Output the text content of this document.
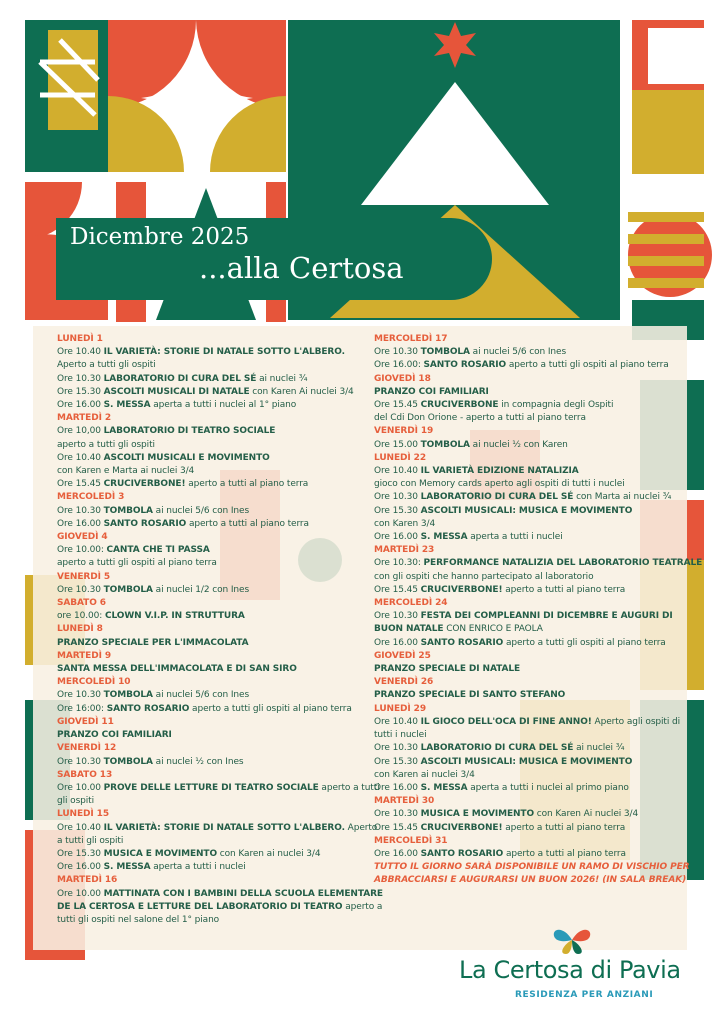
Dicembre 2025
...alla Certosa
LUNEDÌ 1
Ore 10.40 IL VARIETÀ: STORIE DI NATALE SOTTO L'ALBERO.
Aperto a tutti gli ospiti
Ore 10.30 LABORATORIO DI CURA DEL SÉ ai nuclei ¾
Ore 15.30 ASCOLTI MUSICALI DI NATALE con Karen Ai nuclei 3/4
Ore 16.00 S. MESSA aperta a tutti i nuclei al 1° piano
MARTEDÌ 2
Ore 10,00 LABORATORIO DI TEATRO SOCIALE
aperto a tutti gli ospiti
Ore 10.40 ASCOLTI MUSICALI E MOVIMENTO
con Karen e Marta ai nuclei 3/4
Ore 15.45 CRUCIVERBONE! aperto a tutti al piano terra
MERCOLEDÌ 3
Ore 10.30 TOMBOLA ai nuclei 5/6 con Ines
Ore 16.00 SANTO ROSARIO aperto a tutti al piano terra
GIOVEDÌ 4
Ore 10.00: CANTA CHE TI PASSA
aperto a tutti gli ospiti al piano terra
VENERDÌ 5
Ore 10.30 TOMBOLA ai nuclei 1/2 con Ines
SABATO 6
ore 10.00: CLOWN V.I.P. IN STRUTTURA
LUNEDÌ 8
PRANZO SPECIALE PER L'IMMACOLATA
MARTEDÌ 9
SANTA MESSA DELL'IMMACOLATA E DI SAN SIRO
MERCOLEDÌ 10
Ore 10.30 TOMBOLA ai nuclei 5/6 con Ines
Ore 16:00: SANTO ROSARIO aperto a tutti gli ospiti al piano terra
GIOVEDÌ 11
PRANZO COI FAMILIARI
VENERDÌ 12
Ore 10.30 TOMBOLA ai nuclei ½ con Ines
SABATO 13
Ore 10.00 PROVE DELLE LETTURE DI TEATRO SOCIALE aperto a tutti
gli ospiti
LUNEDÌ 15
Ore 10.40 IL VARIETÀ: STORIE DI NATALE SOTTO L'ALBERO. Aperto
a tutti gli ospiti
Ore 15.30 MUSICA E MOVIMENTO con Karen ai nuclei 3/4
Ore 16.00 S. MESSA aperta a tutti i nuclei
MARTEDÌ 16
Ore 10.00 MATTINATA CON I BAMBINI DELLA SCUOLA ELEMENTARE
DE LA CERTOSA E LETTURE DEL LABORATORIO DI TEATRO aperto a
tutti gli ospiti nel salone del 1° piano
MERCOLEDÌ 17
Ore 10.30 TOMBOLA ai nuclei 5/6 con Ines
Ore 16.00: SANTO ROSARIO aperto a tutti gli ospiti al piano terra
GIOVEDÌ 18
PRANZO COI FAMILIARI
Ore 15.45 CRUCIVERBONE in compagnia degli Ospiti
del Cdi Don Orione - aperto a tutti al piano terra
VENERDÌ 19
Ore 15.00 TOMBOLA ai nuclei ½ con Karen
LUNEDÌ 22
Ore 10.40 IL VARIETÀ EDIZIONE NATALIZIA
gioco con Memory cards aperto agli ospiti di tutti i nuclei
Ore 10.30 LABORATORIO DI CURA DEL SÉ con Marta ai nuclei ¾
Ore 15.30 ASCOLTI MUSICALI: MUSICA E MOVIMENTO
con Karen 3/4
Ore 16.00 S. MESSA aperta a tutti i nuclei
MARTEDÌ 23
Ore 10.30: PERFORMANCE NATALIZIA DEL LABORATORIO TEATRALE
con gli ospiti che hanno partecipato al laboratorio
Ore 15.45 CRUCIVERBONE! aperto a tutti al piano terra
MERCOLEDÌ 24
Ore 10.30 FESTA DEI COMPLEANNI DI DICEMBRE E AUGURI DI
BUON NATALE CON ENRICO E PAOLA
Ore 16.00 SANTO ROSARIO aperto a tutti gli ospiti al piano terra
GIOVEDÌ 25
PRANZO SPECIALE DI NATALE
VENERDÌ 26
PRANZO SPECIALE DI SANTO STEFANO
LUNEDÌ 29
Ore 10.40 IL GIOCO DELL'OCA DI FINE ANNO! Aperto agli ospiti di
tutti i nuclei
Ore 10.30 LABORATORIO DI CURA DEL SÉ ai nuclei ¾
Ore 15.30 ASCOLTI MUSICALI: MUSICA E MOVIMENTO
con Karen ai nuclei 3/4
Ore 16.00 S. MESSA aperta a tutti i nuclei al primo piano
MARTEDÌ 30
Ore 10.30 MUSICA E MOVIMENTO con Karen Ai nuclei 3/4
Ore 15.45 CRUCIVERBONE! aperto a tutti al piano terra
MERCOLEDÌ 31
Ore 16.00 SANTO ROSARIO aperto a tutti al piano terra
TUTTO IL GIORNO SARÀ DISPONIBILE UN RAMO DI VISCHIO PER
ABBRACCIARSI E AUGURARSI UN BUON 2026! (IN SALA BREAK)
La Certosa di Pavia
RESIDENZA PER ANZIANI
